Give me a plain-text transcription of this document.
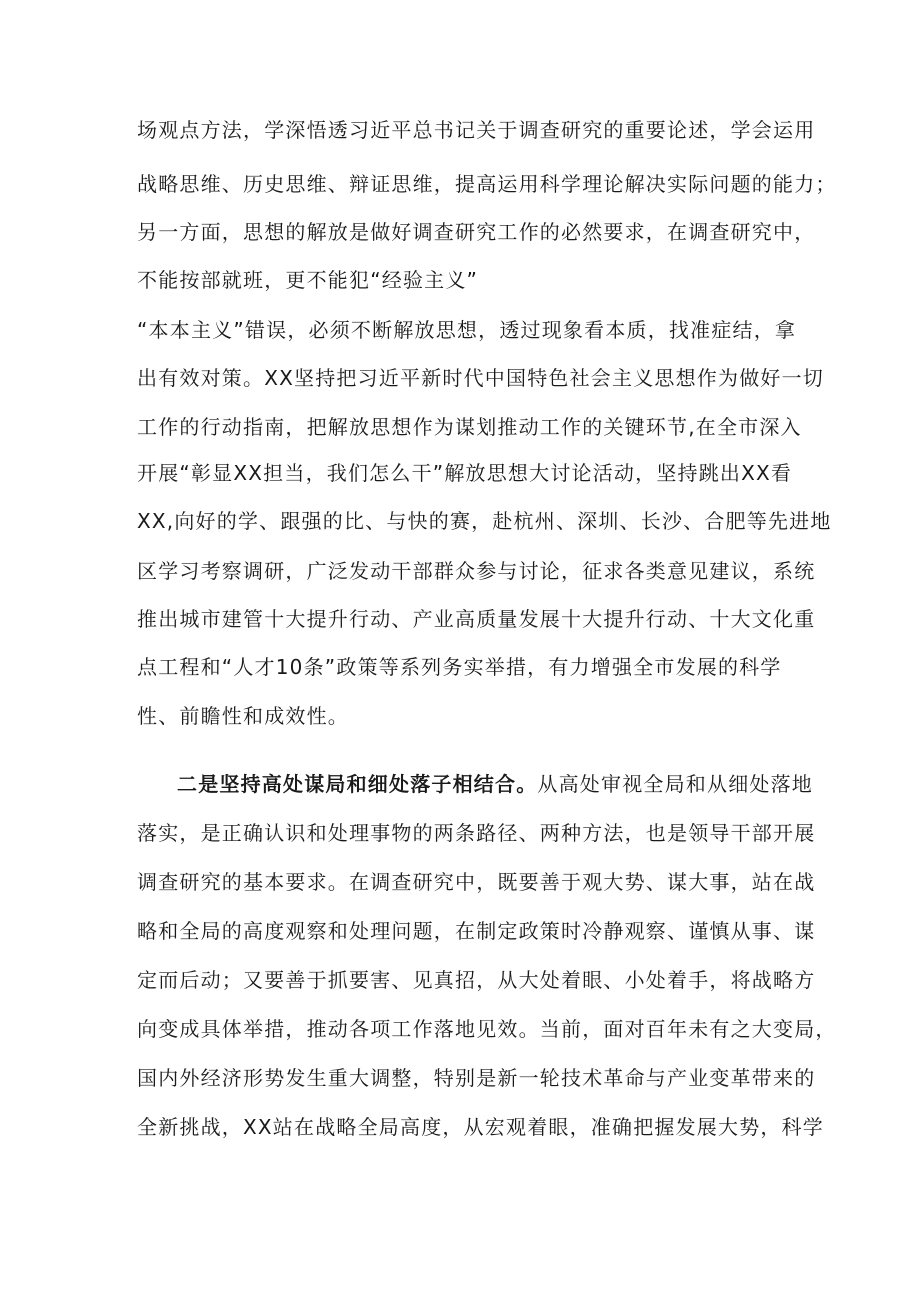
场观点方法，学深悟透习近平总书记关于调查研究的重要论述，学会运用
战略思维、历史思维、辩证思维，提高运用科学理论解决实际问题的能力；
另一方面，思想的解放是做好调查研究工作的必然要求，在调查研究中，
不能按部就班，更不能犯“经验主义”
“本本主义”错误，必须不断解放思想，透过现象看本质，找准症结，拿
出有效对策。XX坚持把习近平新时代中国特色社会主义思想作为做好一切
工作的行动指南，把解放思想作为谋划推动工作的关键环节,在全市深入
开展“彰显XX担当，我们怎么干”解放思想大讨论活动，坚持跳出XX看
XX,向好的学、跟强的比、与快的赛，赴杭州、深圳、长沙、合肥等先进地
区学习考察调研，广泛发动干部群众参与讨论，征求各类意见建议，系统
推出城市建管十大提升行动、产业高质量发展十大提升行动、十大文化重
点工程和“人才10条”政策等系列务实举措，有力增强全市发展的科学
性、前瞻性和成效性。
二是坚持高处谋局和细处落子相结合。从高处审视全局和从细处落地
落实，是正确认识和处理事物的两条路径、两种方法，也是领导干部开展
调查研究的基本要求。在调查研究中，既要善于观大势、谋大事，站在战
略和全局的高度观察和处理问题，在制定政策时冷静观察、谨慎从事、谋
定而后动；又要善于抓要害、见真招，从大处着眼、小处着手，将战略方
向变成具体举措，推动各项工作落地见效。当前，面对百年未有之大变局，
国内外经济形势发生重大调整，特别是新一轮技术革命与产业变革带来的
全新挑战，XX站在战略全局高度，从宏观着眼，准确把握发展大势，科学
